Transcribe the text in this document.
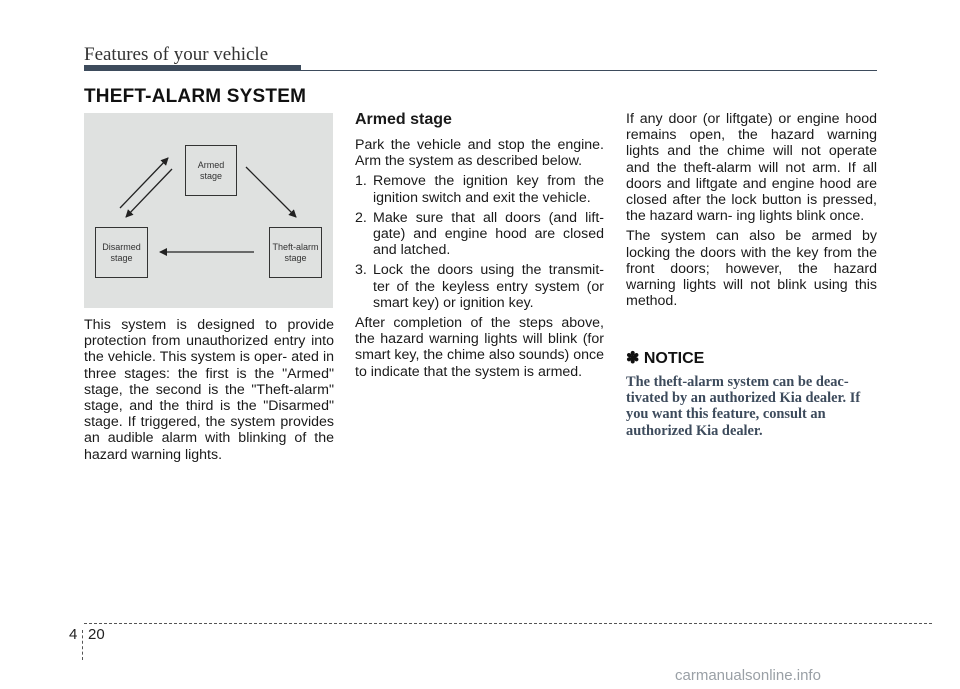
Features of your vehicle
THEFT-ALARM SYSTEM
Armed
stage
Disarmed
stage
Theft-alarm
stage
This system is designed to provide protection from unauthorized entry into the vehicle. This system is oper- ated in three stages: the first is the "Armed" stage, the second is the "Theft-alarm" stage, and the third is the "Disarmed" stage. If triggered, the system provides an audible alarm with blinking of the hazard warning lights.
Armed stage

Park the vehicle and stop the engine. Arm the system as described below.

1. Remove the ignition key from the ignition switch and exit the vehicle.
2. Make sure that all doors (and lift- gate) and engine hood are closed and latched.
3. Lock the doors using the transmit- ter of the keyless entry system (or smart key) or ignition key.

After completion of the steps above, the hazard warning lights will blink (for smart key, the chime also sounds) once to indicate that the system is armed.

If any door (or liftgate) or engine hood remains open, the hazard warning lights and the chime will not operate and the theft-alarm will not arm. If all doors and liftgate and engine hood are closed after the lock button is pressed, the hazard warn- ing lights blink once.

The system can also be armed by locking the doors with the key from the front doors; however, the hazard warning lights will not blink using this method.

✽ NOTICE
The theft-alarm system can be deac- tivated by an authorized Kia dealer. If you want this feature, consult an authorized Kia dealer.
4 20
carmanualsonline.info
